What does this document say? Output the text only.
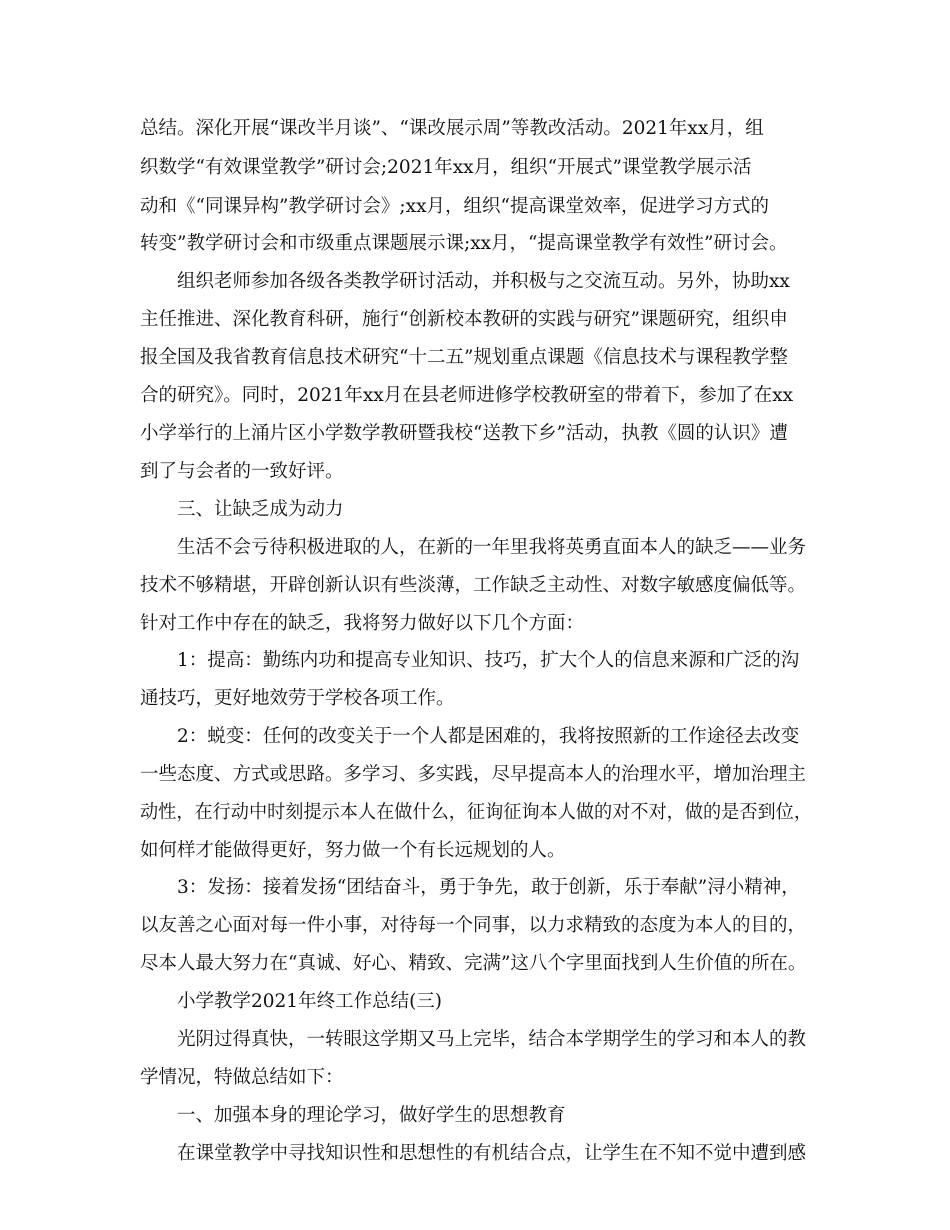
总结。深化开展“课改半月谈”、“课改展示周”等教改活动。2021年xx月，组
织数学“有效课堂教学”研讨会;2021年xx月，组织“开展式”课堂教学展示活
动和《“同课异构”教学研讨会》;xx月，组织“提高课堂效率，促进学习方式的
转变”教学研讨会和市级重点课题展示课;xx月，“提高课堂教学有效性”研讨会。
组织老师参加各级各类教学研讨活动，并积极与之交流互动。另外，协助xx
主任推进、深化教育科研，施行“创新校本教研的实践与研究”课题研究，组织申
报全国及我省教育信息技术研究“十二五”规划重点课题《信息技术与课程教学整
合的研究》。同时，2021年xx月在县老师进修学校教研室的带着下，参加了在xx
小学举行的上涌片区小学数学教研暨我校“送教下乡”活动，执教《圆的认识》遭
到了与会者的一致好评。
三、让缺乏成为动力
生活不会亏待积极进取的人，在新的一年里我将英勇直面本人的缺乏——业务
技术不够精堪，开辟创新认识有些淡薄，工作缺乏主动性、对数字敏感度偏低等。
针对工作中存在的缺乏，我将努力做好以下几个方面：
1：提高：勤练内功和提高专业知识、技巧，扩大个人的信息来源和广泛的沟
通技巧，更好地效劳于学校各项工作。
2：蜕变：任何的改变关于一个人都是困难的，我将按照新的工作途径去改变
一些态度、方式或思路。多学习、多实践，尽早提高本人的治理水平，增加治理主
动性，在行动中时刻提示本人在做什么，征询征询本人做的对不对，做的是否到位，
如何样才能做得更好，努力做一个有长远规划的人。
3：发扬：接着发扬“团结奋斗，勇于争先，敢于创新，乐于奉献”浔小精神，
以友善之心面对每一件小事，对待每一个同事，以力求精致的态度为本人的目的，
尽本人最大努力在“真诚、好心、精致、完满”这八个字里面找到人生价值的所在。
小学教学2021年终工作总结(三)
光阴过得真快，一转眼这学期又马上完毕，结合本学期学生的学习和本人的教
学情况，特做总结如下：
一、加强本身的理论学习，做好学生的思想教育
在课堂教学中寻找知识性和思想性的有机结合点，让学生在不知不觉中遭到感
